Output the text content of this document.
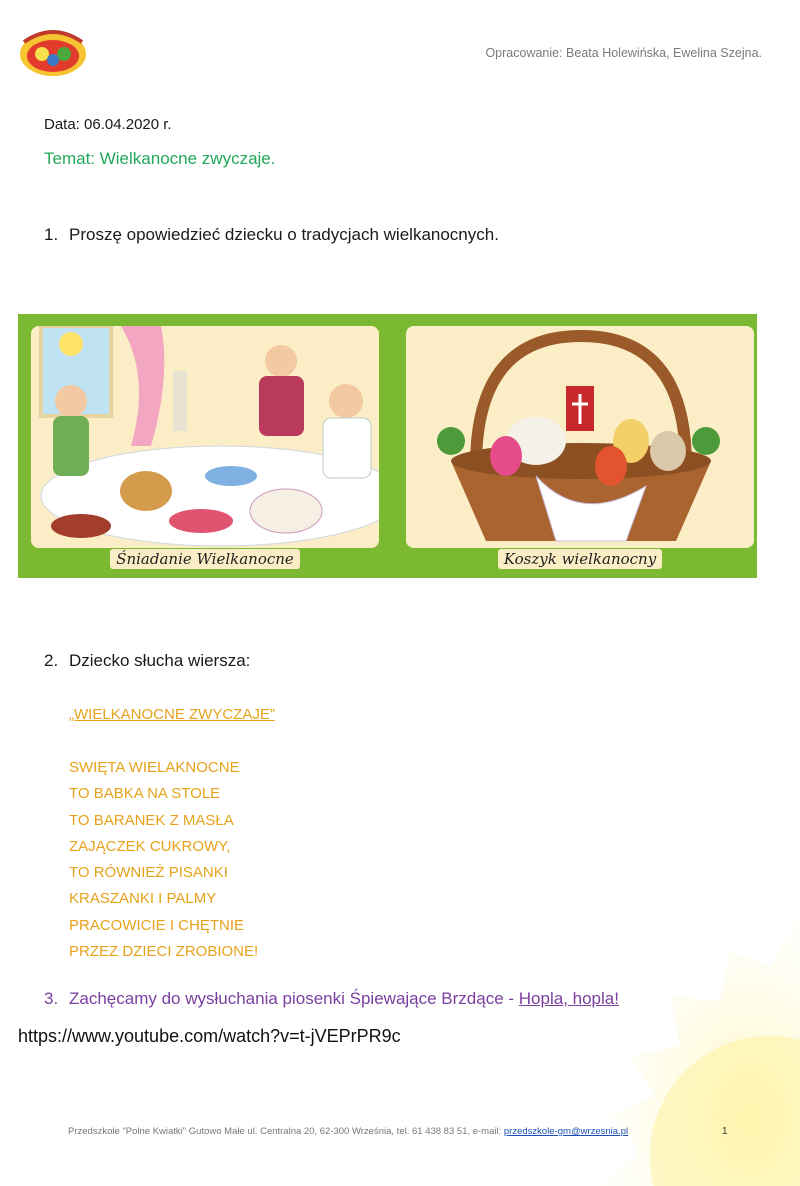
Opracowanie: Beata Holewińska, Ewelina Szejna.
Data: 06.04.2020 r.
Temat: Wielkanocne zwyczaje.
1. Proszę opowiedzieć dziecku o tradycjach wielkanocnych.
Śniadanie Wielkanocne	Koszyk wielkanocny
2. Dziecko słucha wiersza:
„WIELKANOCNE ZWYCZAJE”
SWIĘTA WIELAKNOCNE
TO BABKA NA STOLE
TO BARANEK Z MASŁA
ZAJĄCZEK CUKROWY,
TO RÓWNIEŻ PISANKI
KRASZANKI I PALMY
PRACOWICIE I CHĘTNIE
PRZEZ DZIECI ZROBIONE!
3. Zachęcamy do wysłuchania piosenki Śpiewające Brzdące - Hopla, hopla!
https://www.youtube.com/watch?v=t-jVEPrPR9c
Przedszkole "Polne Kwiatki" Gutowo Małe ul. Centralna 20, 62-300 Września, tel. 61 438 83 51, e-mail: przedszkole-gm@wrzesnia.pl	1
